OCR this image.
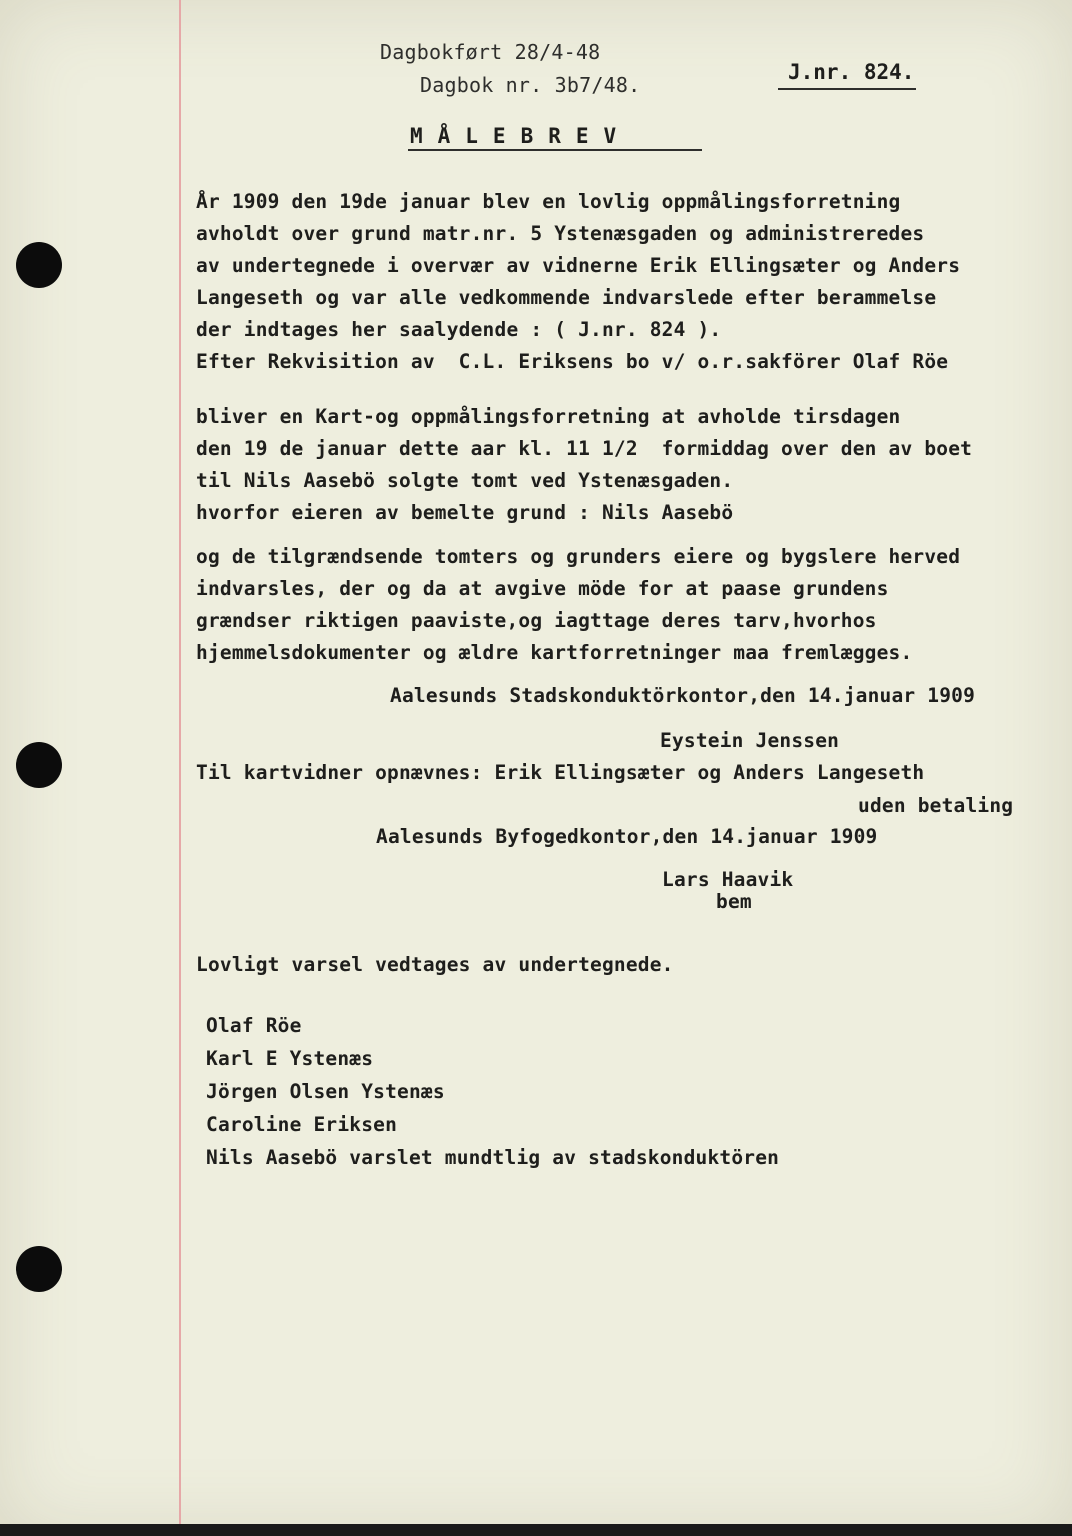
Dagbokført 28/4-48
Dagbok nr. 3b7/48.
J.nr. 824.
MÅLEBREV
År 1909 den 19de januar blev en lovlig oppmålingsforretning
avholdt over grund matr.nr. 5 Ystenæsgaden og administreredes
av undertegnede i overvær av vidnerne Erik Ellingsæter og Anders
Langeseth og var alle vedkommende indvarslede efter berammelse
der indtages her saalydende : ( J.nr. 824 ).
Efter Rekvisition av  C.L. Eriksens bo v/ o.r.sakförer Olaf Röe
bliver en Kart-og oppmålingsforretning at avholde tirsdagen
den 19 de januar dette aar kl. 11 1/2  formiddag over den av boet
til Nils Aasebö solgte tomt ved Ystenæsgaden.
hvorfor eieren av bemelte grund : Nils Aasebö
og de tilgrændsende tomters og grunders eiere og bygslere herved
indvarsles, der og da at avgive möde for at paase grundens
grændser riktigen paaviste,og iagttage deres tarv,hvorhos
hjemmelsdokumenter og ældre kartforretninger maa fremlægges.
Aalesunds Stadskonduktörkontor,den 14.januar 1909
Eystein Jenssen
Til kartvidner opnævnes: Erik Ellingsæter og Anders Langeseth
uden betaling
Aalesunds Byfogedkontor,den 14.januar 1909
Lars Haavik
bem
Lovligt varsel vedtages av undertegnede.
Olaf Röe
Karl E Ystenæs
Jörgen Olsen Ystenæs
Caroline Eriksen
Nils Aasebö varslet mundtlig av stadskonduktören
